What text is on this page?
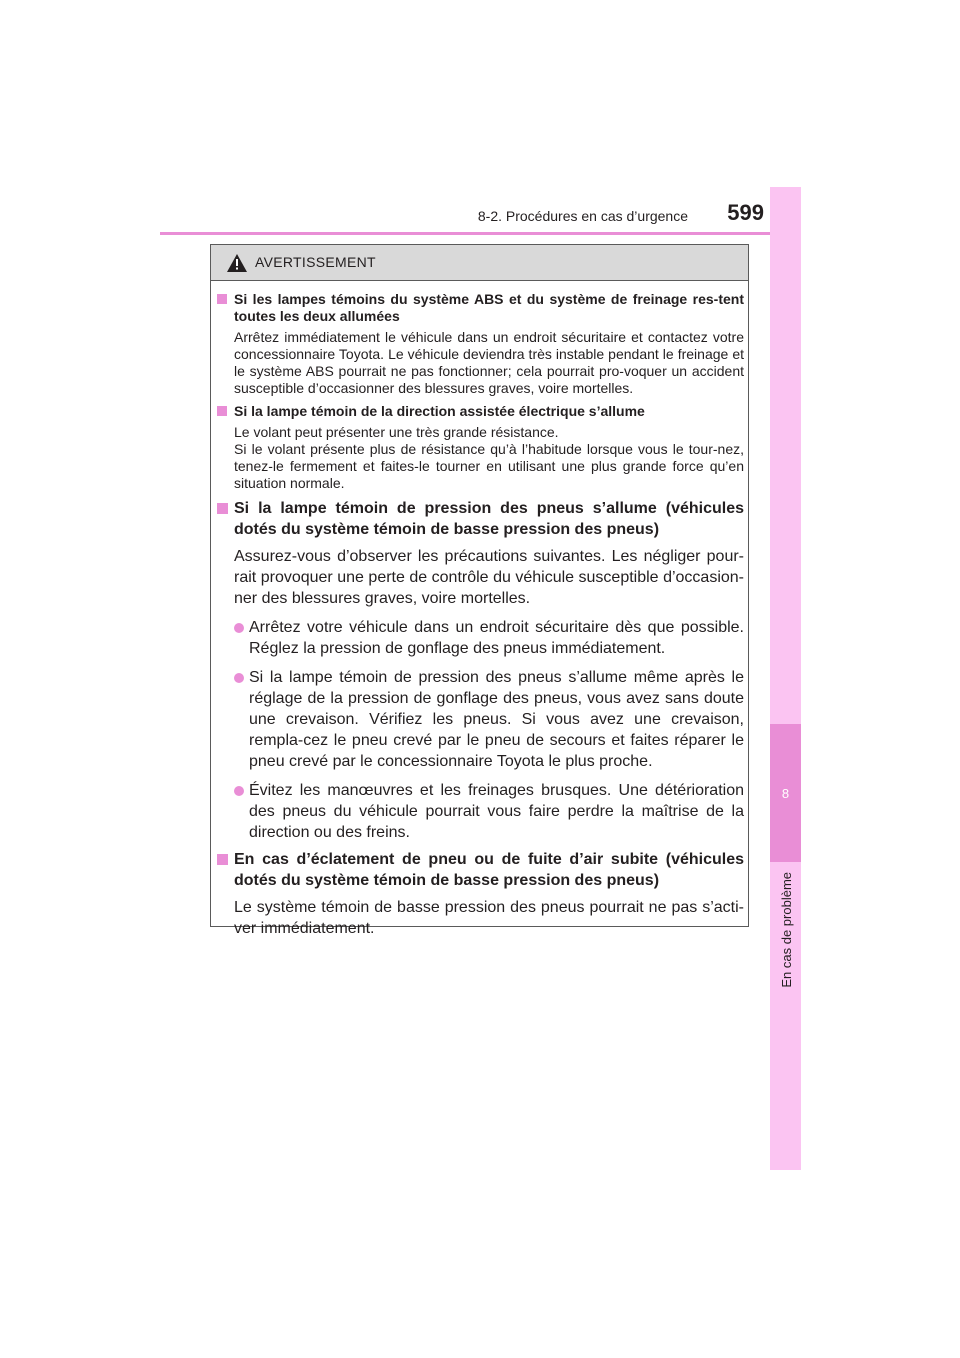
8-2. Procédures en cas d’urgence	599
8
En cas de problème
AVERTISSEMENT
Si les lampes témoins du système ABS et du système de freinage res-tent toutes les deux allumées
Arrêtez immédiatement le véhicule dans un endroit sécuritaire et contactez votre concessionnaire Toyota. Le véhicule deviendra très instable pendant le freinage et le système ABS pourrait ne pas fonctionner; cela pourrait pro-voquer un accident susceptible d’occasionner des blessures graves, voire mortelles.
Si la lampe témoin de la direction assistée électrique s’allume
Le volant peut présenter une très grande résistance.
Si le volant présente plus de résistance qu’à l’habitude lorsque vous le tour-nez, tenez-le fermement et faites-le tourner en utilisant une plus grande force qu’en situation normale.
Si la lampe témoin de pression des pneus s’allume (véhicules dotés du système témoin de basse pression des pneus)
Assurez-vous d’observer les précautions suivantes. Les négliger pour-rait provoquer une perte de contrôle du véhicule susceptible d’occasion-ner des blessures graves, voire mortelles.
Arrêtez votre véhicule dans un endroit sécuritaire dès que possible. Réglez la pression de gonflage des pneus immédiatement.
Si la lampe témoin de pression des pneus s’allume même après le réglage de la pression de gonflage des pneus, vous avez sans doute une crevaison. Vérifiez les pneus. Si vous avez une crevaison, rempla-cez le pneu crevé par le pneu de secours et faites réparer le pneu crevé par le concessionnaire Toyota le plus proche.
Évitez les manœuvres et les freinages brusques. Une détérioration des pneus du véhicule pourrait vous faire perdre la maîtrise de la direction ou des freins.
En cas d’éclatement de pneu ou de fuite d’air subite (véhicules dotés du système témoin de basse pression des pneus)
Le système témoin de basse pression des pneus pourrait ne pas s’acti-ver immédiatement.
